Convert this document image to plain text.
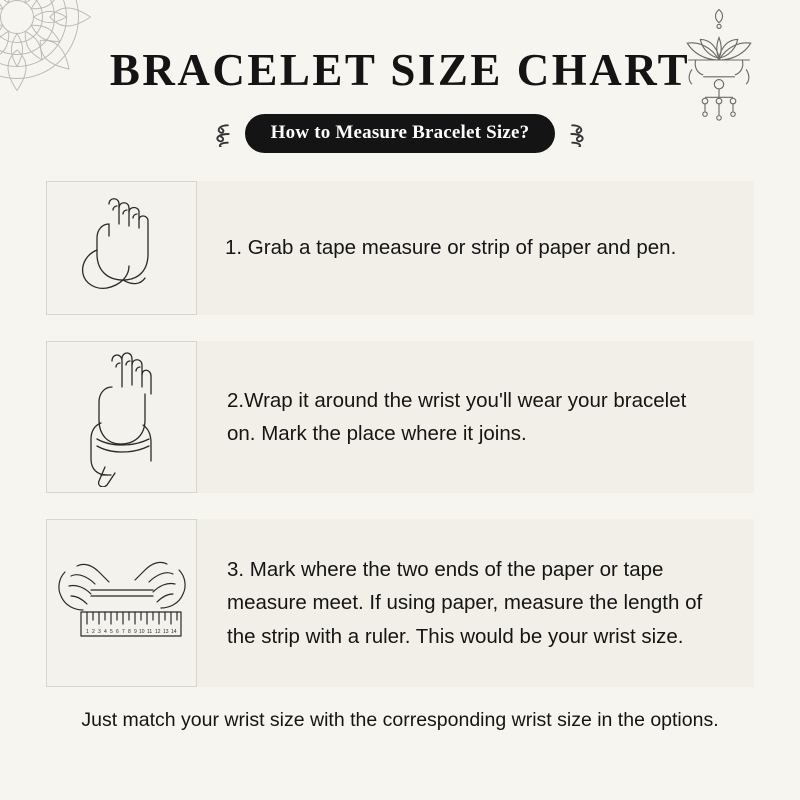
BRACELET SIZE CHART
How to Measure Bracelet Size?
1. Grab a tape measure or strip of paper and pen.
2.Wrap it around the wrist you'll wear your bracelet on. Mark the place where it joins.
1 2 3 4 5 6 7 8 9 10 11 12 13 14
3. Mark where the two ends of the paper or tape measure meet. If using paper, measure the length of the strip with a ruler. This would be your wrist size.
Just match your wrist size with the corresponding wrist size in the options.
